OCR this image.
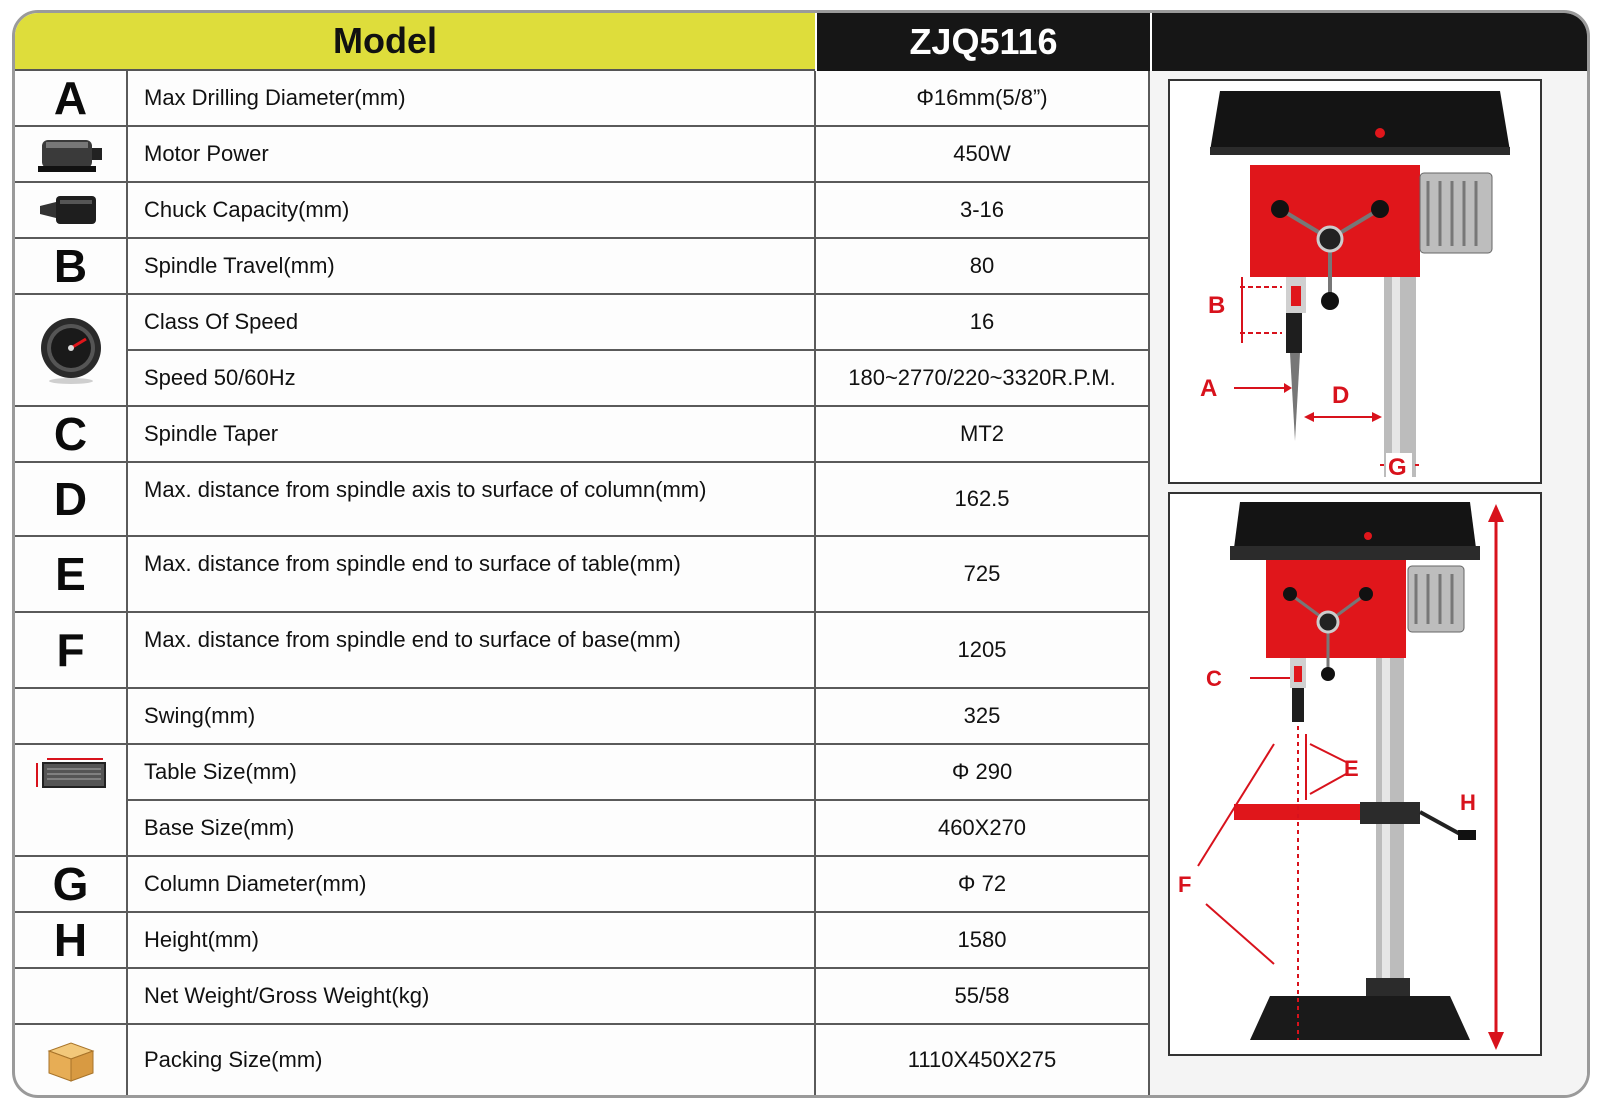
Model	ZJQ5116
A	Max Drilling Diameter(mm)	Φ16mm(5/8”)
Motor Power	450W
Chuck Capacity(mm)	3-16
B	Spindle Travel(mm)	80
Class Of Speed	16
Speed 50/60Hz	180~2770/220~3320R.P.M.
C	Spindle Taper	MT2
D	Max. distance from spindle axis to surface of column(mm)	162.5
E	Max. distance from spindle end to surface of table(mm)	725
F	Max. distance from spindle end to surface of base(mm)	1205
Swing(mm)	325
Table Size(mm)	Φ 290
Base Size(mm)	460X270
G	Column Diameter(mm)	Φ 72
H	Height(mm)	1580
Net Weight/Gross Weight(kg)	55/58
Packing Size(mm)	1110X450X275
B
A	D
G
C
E
H
F
